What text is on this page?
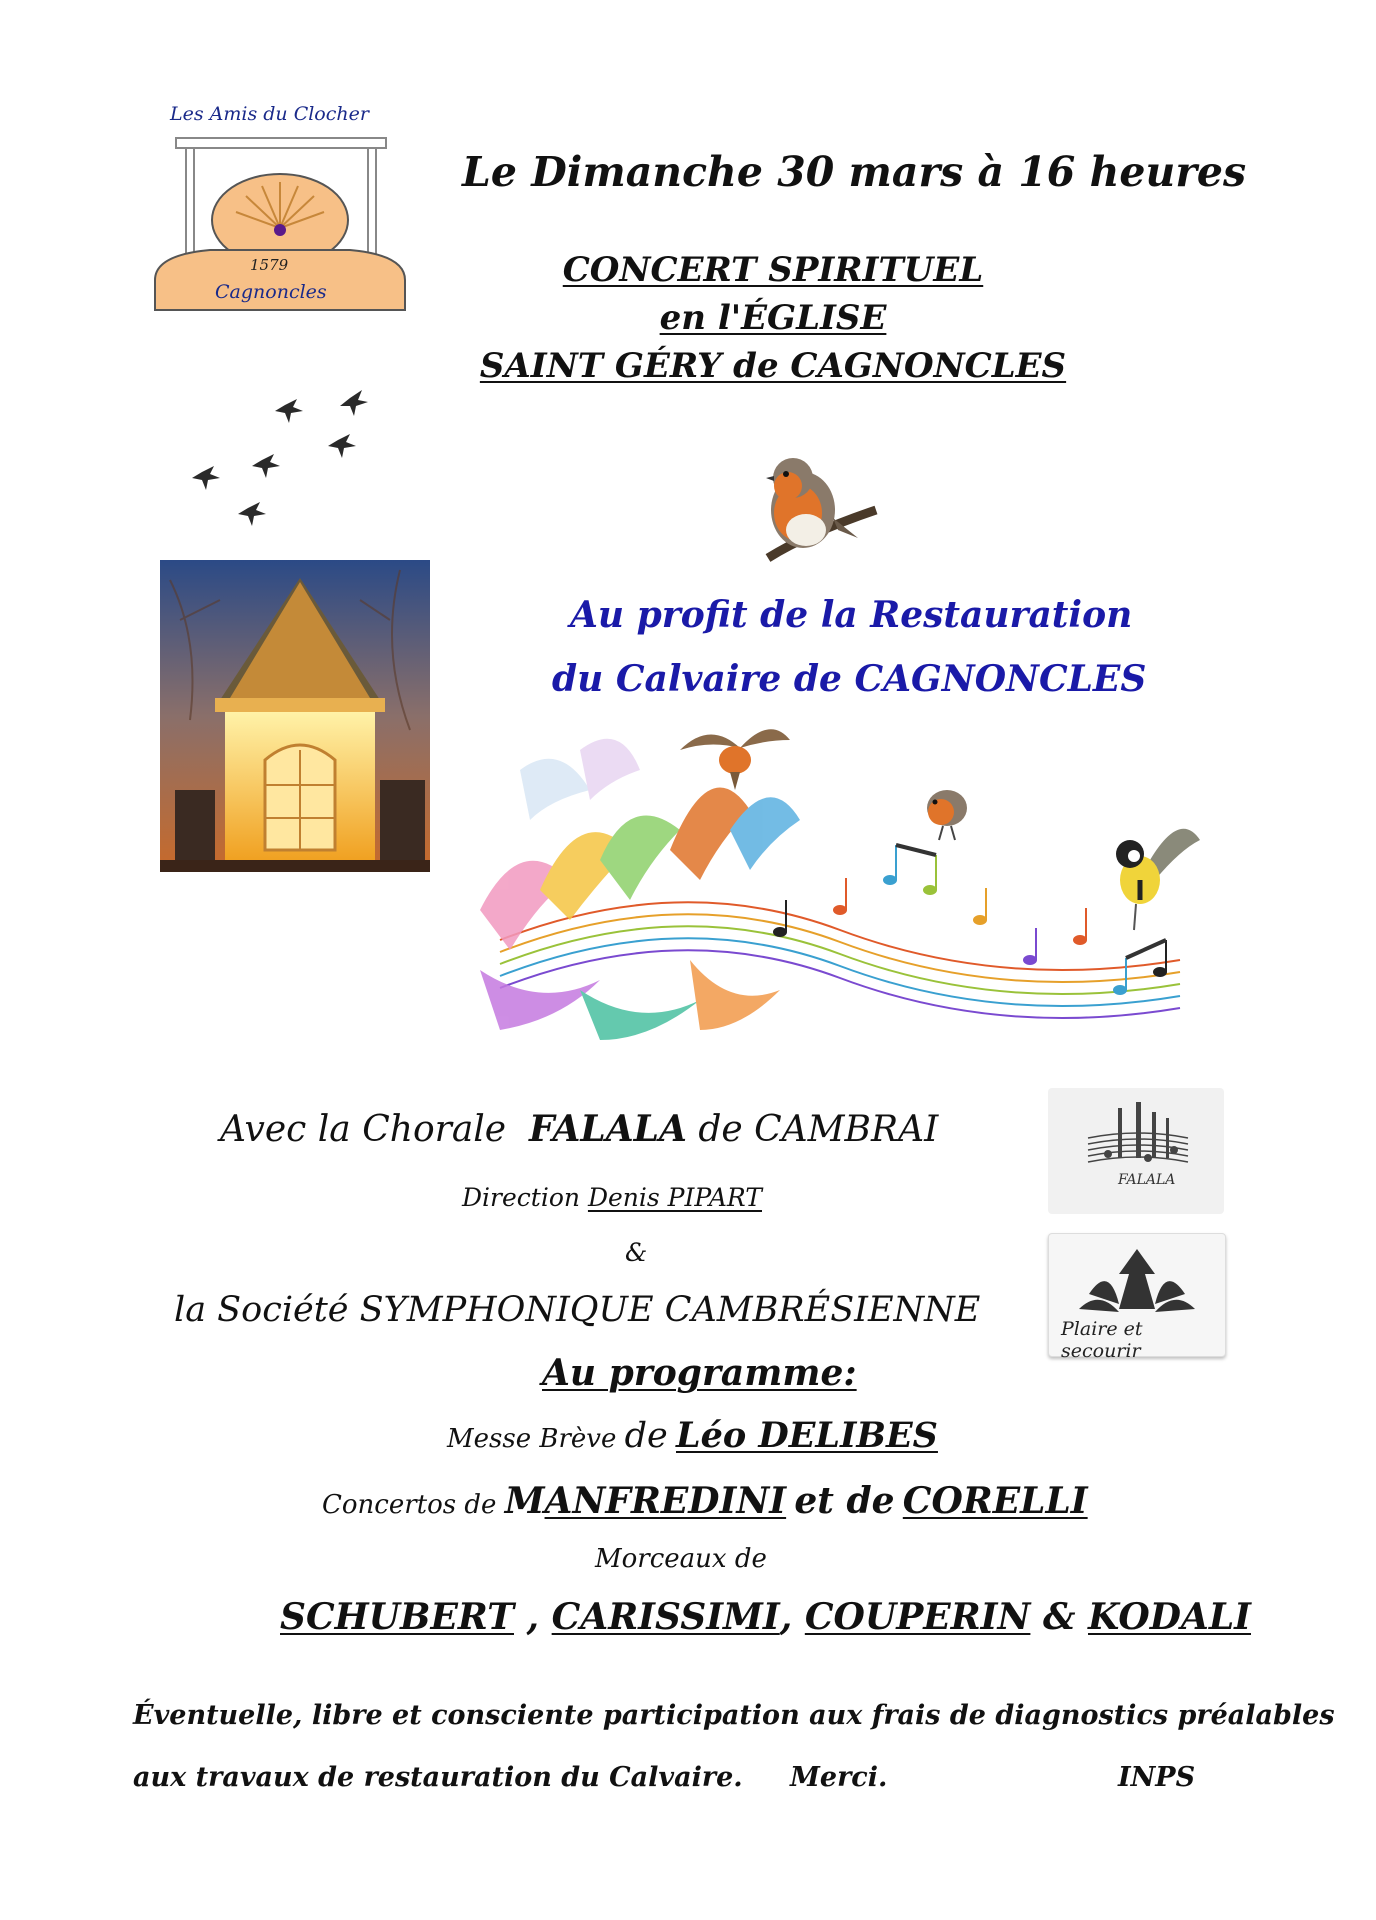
Les Amis du Clocher
1579
Cagnoncles
Le Dimanche 30 mars à 16 heures
CONCERT SPIRITUEL
en l'ÉGLISE
SAINT GÉRY de CAGNONCLES
Au profit de la Restauration
du Calvaire de CAGNONCLES
Avec la Chorale FALALA de CAMBRAI
Direction Denis PIPART
&
la Société SYMPHONIQUE CAMBRÉSIENNE
FALALA
Plaire et secourir
Au programme:
Messe Brève de Léo DELIBES
Concertos de MANFREDINI et de CORELLI
Morceaux de
SCHUBERT , CARISSIMI, COUPERIN & KODALI
Éventuelle, libre et consciente participation aux frais de diagnostics préalables
aux travaux de restauration du Calvaire. Merci.	INPS
